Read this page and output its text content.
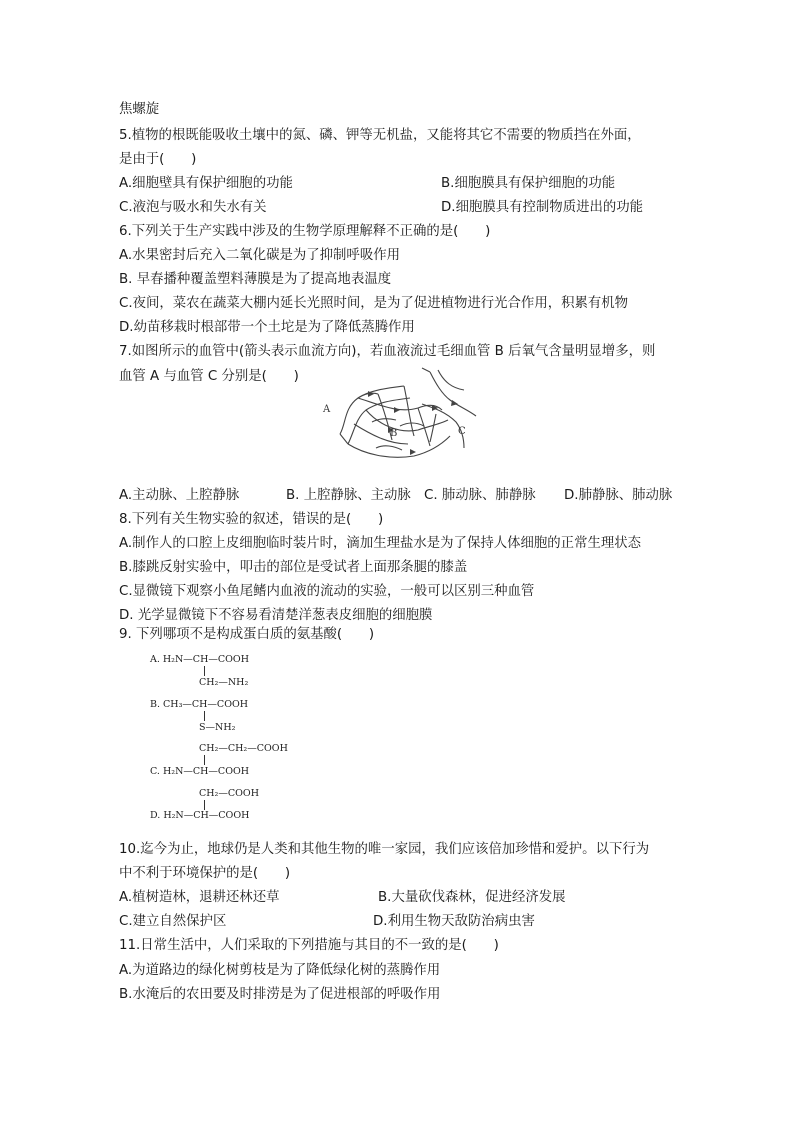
焦螺旋
5.植物的根既能吸收土壤中的氮、磷、钾等无机盐，又能将其它不需要的物质挡在外面，
是由于(　　)
A.细胞壁具有保护细胞的功能	B.细胞膜具有保护细胞的功能
C.液泡与吸水和失水有关	D.细胞膜具有控制物质进出的功能
6.下列关于生产实践中涉及的生物学原理解释不正确的是(　　)
A.水果密封后充入二氧化碳是为了抑制呼吸作用
B. 早春播种覆盖塑料薄膜是为了提高地表温度
C.夜间，菜农在蔬菜大棚内延长光照时间，是为了促进植物进行光合作用，积累有机物
D.幼苗移栽时根部带一个土坨是为了降低蒸腾作用
7.如图所示的血管中(箭头表示血流方向)，若血液流过毛细血管 B 后氧气含量明显增多，则
血管 A 与血管 C 分别是(　　)
A
B	C
A.主动脉、上腔静脉	B. 上腔静脉、主动脉 C. 肺动脉、肺静脉 D.肺静脉、肺动脉
8.下列有关生物实验的叙述，错误的是(　　)
A.制作人的口腔上皮细胞临时装片时，滴加生理盐水是为了保持人体细胞的正常生理状态
B.膝跳反射实验中，叩击的部位是受试者上面那条腿的膝盖
C.显微镜下观察小鱼尾鳍内血液的流动的实验，一般可以区别三种血管
D. 光学显微镜下不容易看清楚洋葱表皮细胞的细胞膜
9. 下列哪项不是构成蛋白质的氨基酸(　　)
A. H₂N—CH—COOH
CH₂—NH₂
B. CH₃—CH—COOH
S—NH₂
CH₂—CH₂—COOH
C. H₂N—CH—COOH
CH₂—COOH
D. H₂N—CH—COOH
10.迄今为止，地球仍是人类和其他生物的唯一家园，我们应该倍加珍惜和爱护。以下行为
中不利于环境保护的是(　　)
A.植树造林，退耕还林还草	B.大量砍伐森林，促进经济发展
C.建立自然保护区	D.利用生物天敌防治病虫害
11.日常生活中，人们采取的下列措施与其目的不一致的是(　　)
A.为道路边的绿化树剪枝是为了降低绿化树的蒸腾作用
B.水淹后的农田要及时排涝是为了促进根部的呼吸作用
